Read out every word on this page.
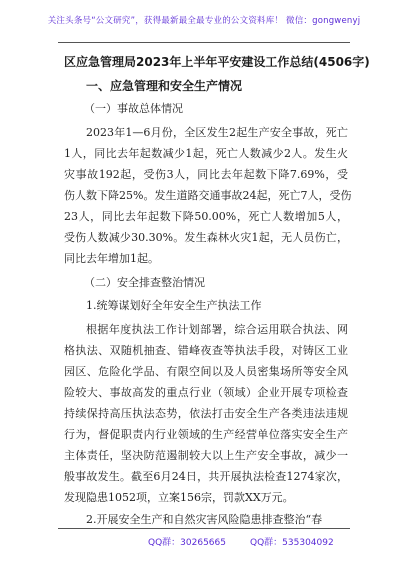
关注头条号“公文研究”，获得最新最全最专业的公文资料库！ 微信：gongwenyj
区应急管理局2023年上半年平安建设工作总结(4506字)
一、应急管理和安全生产情况
（一）事故总体情况
2023年1—6月份，全区发生2起生产安全事故，死亡
1人，同比去年起数减少1起，死亡人数减少2人。发生火
灾事故192起，受伤3人，同比去年起数下降7.69%，受
伤人数下降25%。发生道路交通事故24起，死亡7人，受伤
23人，同比去年起数下降50.00%，死亡人数增加5人，
受伤人数减少30.30%。发生森林火灾1起，无人员伤亡，
同比去年增加1起。
（二）安全排查整治情况
1.统筹谋划好全年安全生产执法工作
根据年度执法工作计划部署，综合运用联合执法、网
格执法、双随机抽查、错峰夜查等执法手段，对铸区工业
园区、危险化学品、有限空间以及人员密集场所等安全风
险较大、事故高发的重点行业（领域）企业开展专项检查
持续保持高压执法态势，依法打击安全生产各类违法违规
行为，督促职责内行业领域的生产经营单位落实安全生产
主体责任，坚决防范遏制较大以上生产安全事故，减少一
般事故发生。截至6月24日，共开展执法检查1274家次，
发现隐患1052项，立案156宗，罚款XX万元。
2.开展安全生产和自然灾害风险隐患排查整治“春
QQ群：30265665	QQ群：535304092
